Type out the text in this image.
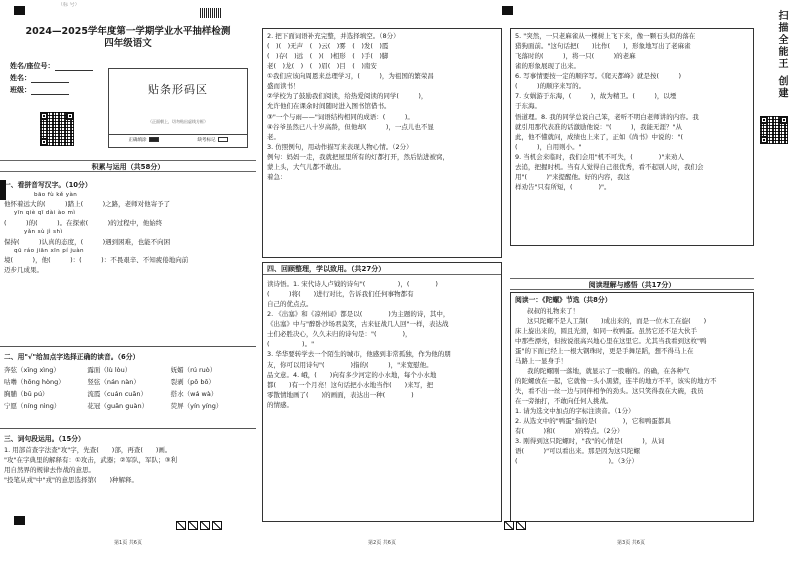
（标 号）
2024—2025学年度第一学期学业水平抽样检测
四年级语文
姓名/座位号：
姓名：
班级：	贴条形码区
（正面朝上，切勿贴出虚线方框）
正确填涂	缺考标记
积累与运用（共58分）
一、看拼音写汉字。（10分）
bāo fù kě yàn
他怀着远大的(　　　)踏上(　　　)之路，老师对他寄予了
yīn qiè qī dài ào mì
(　　　)的(　　　)。在探索(　　　)的过程中，他始终
yǎn sù jì shì
保持(　　　)认真的态度，(　　　)遇到困难，也能不向困
qū ráo jiān xīn pí juàn
境(　　　)，他(　　　)：(　　　)：不畏艰辛、不知疲倦地向前
迈步几成果。
二、用"√"给加点字选择正确的读音。（6分）
奔弦（xīng xìng）	露面（lù lòu）	妩媚（rú ruò）
咕噜（hōng hòng）	竖弦（nán nàn）	裂剥（pō bō）
胸脯（bū pú）	流霞（cuán cuān）	搭水（wá wà）
宁愿（níng nìng）	花冠（guān guàn）	荧屏（yín yíng）
三、词句段运用。（15分）
1. 用部首查字法查"攻"字，先查(　　)部，再查(　　)画。
"攻"在字典里的解释有：①攻击，武器；②军队，军队；③利
用自然界的规律去作战的意思。
"投笔从戎"中"戎"的意思选择第(　　)种解释。
第1页 共6页
2. 把下面词语补充完整，并选择填空。（8分）
(　)(　)无声　(　)云(　)雾　(　)发(　)霞
(　)存(　)远　(　)(　)相形　(　)手(　)脚
老(　)龙(　)　(　)眉(　)目　(　)南安
①我们应该向周恩来总理学习，(　　　)，为祖国的繁荣昌
盛而读书！
②学校为了鼓励我们阅读，给热爱阅读的同学(　　　)，
允许他们在课余时间随时进入图书馆借书。
③"一个与雨——"词语结构相同的成语：(　　　)。
④谷爷虽然已八十岁高龄，但他却(　　　)，一点儿也不显
老。
3. 仿照例句，用动作描写来表现人物心情。（2分）
例句：妈妈一走，我就把屋里所有的灯都打开，然后钻进被窝，
蒙上头，大气儿都不敢出。
着急：
四、回顾整理，学以致用。（共27分）
读诗悟。1. 宋代诗人卢钺的诗句"(　　　　　)，(　　　　)
(　　　)将(　　)进行对比，告诉我们任何事物都有
自己的优点点。
2. 《出塞》和《凉州词》都是以(　　　　)为主题的诗，其中，
《出塞》中与"醉卧沙场君莫笑，古来征战几人回"一样，表达战
士们必胜决心，久久未归的诗句是："(　　　　)，
(　　　　　)。"
3. 华华要转学去一个陌生的城市，他感到非常孤独，作为他的朋
友，你可以用诗句"(　　　　)指的(　　　)，"来宽慰他。
品文意。4. 峨，(　　)向有多少河定的小水地，每个小水地
都(　　)有一个月亮！这句话把小水地当作(　　)来写，把
零散情地画了(　　)的画面，表达出一种(　　　　)
的情感。
第2页 共6页
5. "突然，一只老麻雀从一棵树上飞下来，像一颗石头似的落在
猎狗面前。"这句话把(　　)比作(　　)，形象地写出了老麻雀
飞落时的(　　　)，将一只(　　　)的老麻
雀的形象展现了出来。
6. 写事情要按一定的顺序写。《爬天都峰》就是按(　　　)
(　　　)的顺序来写的。
7. 女娲游于东海，(　　　)，故为精卫。(　　　)，以堙
于东海。
悟道理。8. 我的同学总说自己笨，老听不明白老师讲的内容。我
就引用那代表准的话激励他说："(　　　)，我能无涯？"从
此，他不懂就问，成绩也上来了，正如《尚书》中说的："(　　
(　　　)，自用则小。"
9. 当机会来临时，我们会用"机不可失，(　　　　)"来劝人
去追，把握时机。当有人觉得自己很优秀，看不起别人时，我们会
用"(　　　)"来提醒他。好的内容，我这
样劝告"只有所短，(　　　　)"。
阅读理解与感悟（共17分）
阅读一：《陀螺》节选（共8分）
叔叔的礼物来了！
这只陀螺不是人工制(　　)成出来的，而是一位木工在旋(　　)
床上旋出来的，圆且光滑，如同一枚鸭蛋。虽然它还不足大伙手
中那些漂亮，但按说很高兴地心里在这里它。尤其当我看到这枚"鸭
蛋"的下面已经上一根大钢珠时，更是手舞足蹈，想不得马上在
马路上一显身手！
我的陀螺刚一落地，就显示了一股嘣的。的确，在各种气
的陀螺放在一起，它就像一头小黑猪，连半的地方不平，该实的地方不
失，看不出一丝一边与同伴相争的劲头。这只笑得我在大碗，我员
在一旁抽打，不敢向任何人挑战。
1. 请为选文中加点的字标注读音。（1分）
2. 从选文中的"鸭蛋"指的是(　　　　)，它和鸭蛋都具
有(　　　)和(　　　)的特点。（2分）
3. 刚得到这只陀螺时，"我"的心情是(　　　)，从词
语(　　　)"可以看出来。那是因为这只陀螺
(　　　　　　　　　　　　　　)。（3分）
扫描全能王 创建
第3页 共6页
